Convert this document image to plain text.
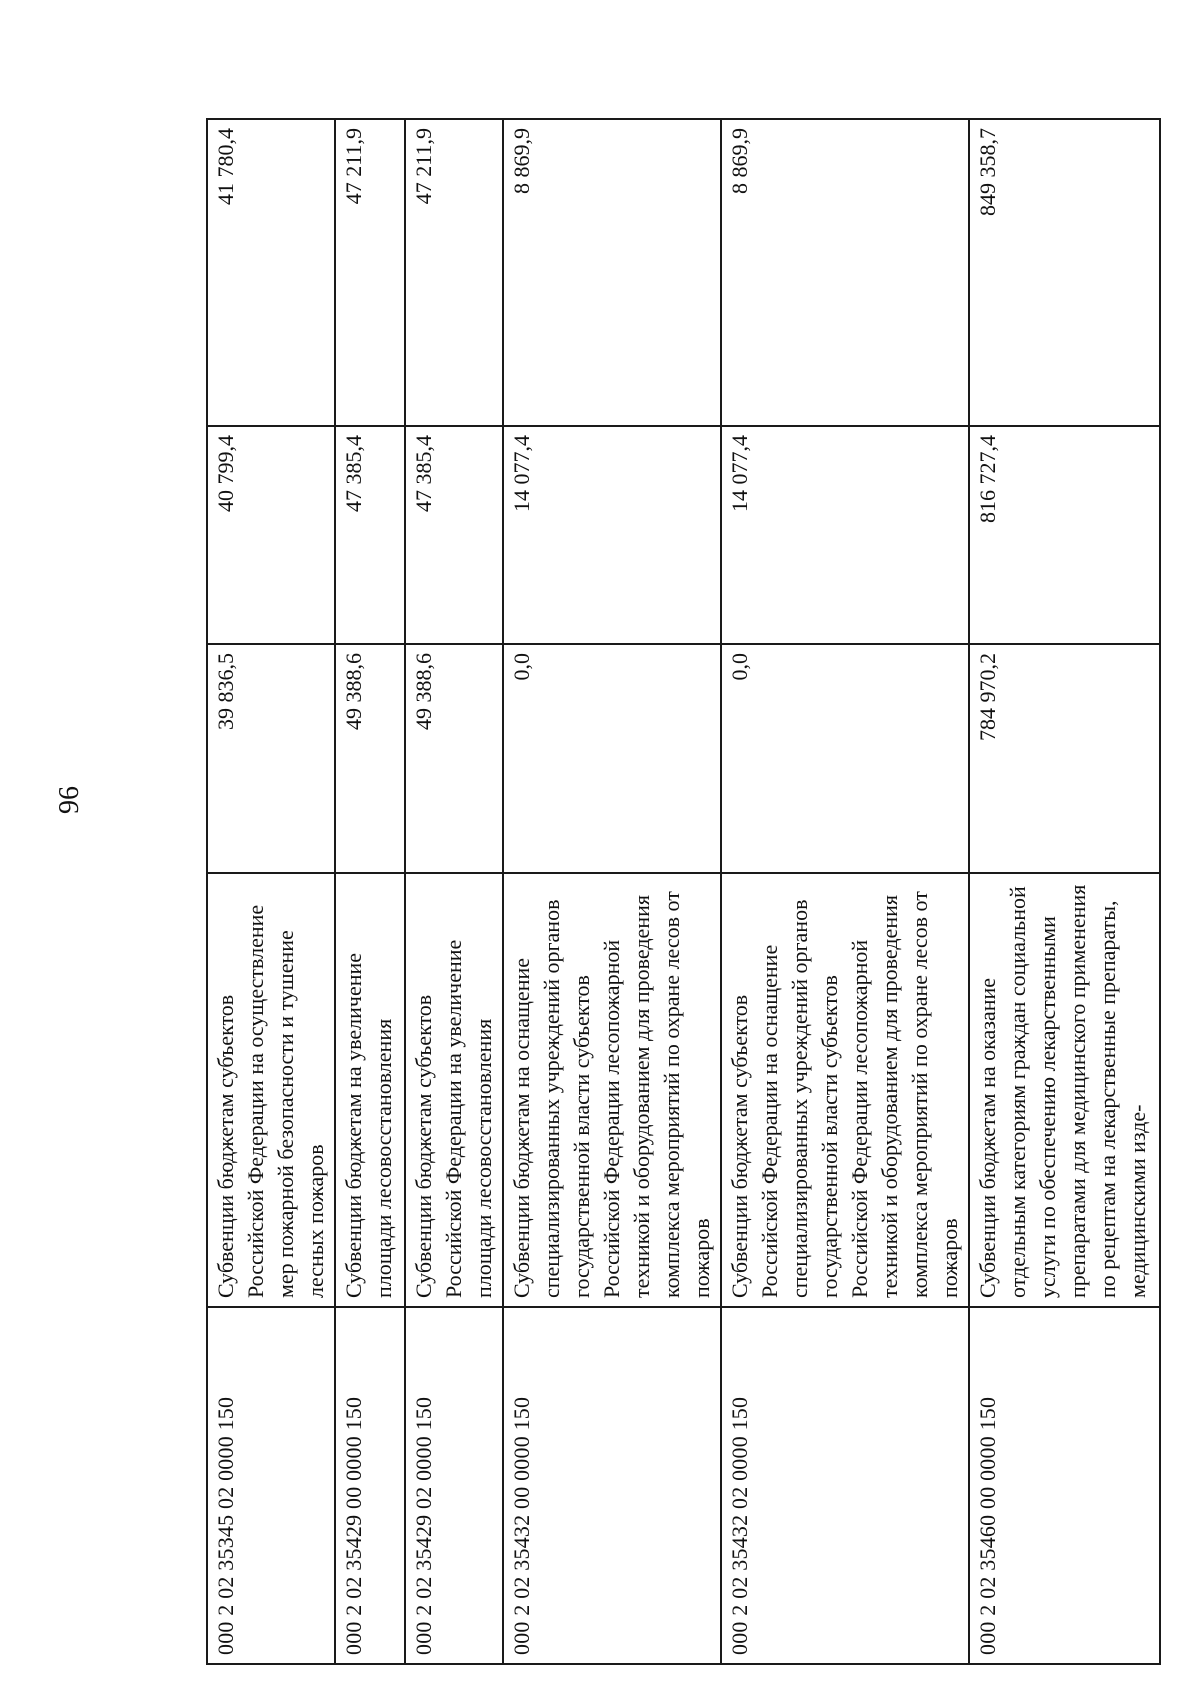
96
000 2 02 35345 02 0000 150	Субвенции бюджетам субъектов Российской Федерации на осуществление мер пожарной безопасности и тушение лесных пожаров	39 836,5	40 799,4	41 780,4
000 2 02 35429 00 0000 150	Субвенции бюджетам на увеличение площади лесовосстановления	49 388,6	47 385,4	47 211,9
000 2 02 35429 02 0000 150	Субвенции бюджетам субъектов Российской Федерации на увеличение площади лесовосстановления	49 388,6	47 385,4	47 211,9
000 2 02 35432 00 0000 150	Субвенции бюджетам на оснащение специализированных учреждений органов государственной власти субъектов Российской Федерации лесопожарной техникой и оборудованием для проведения комплекса мероприятий по охране лесов от пожаров	0,0	14 077,4	8 869,9
000 2 02 35432 02 0000 150	Субвенции бюджетам субъектов Российской Федерации на оснащение специализированных учреждений органов государственной власти субъектов Российской Федерации лесопожарной техникой и оборудованием для проведения комплекса мероприятий по охране лесов от пожаров	0,0	14 077,4	8 869,9
000 2 02 35460 00 0000 150	Субвенции бюджетам на оказание отдельным категориям граждан социальной услуги по обеспечению лекарственными препаратами для медицинского применения по рецептам на лекарственные препараты, медицинскими изде-	784 970,2	816 727,4	849 358,7
